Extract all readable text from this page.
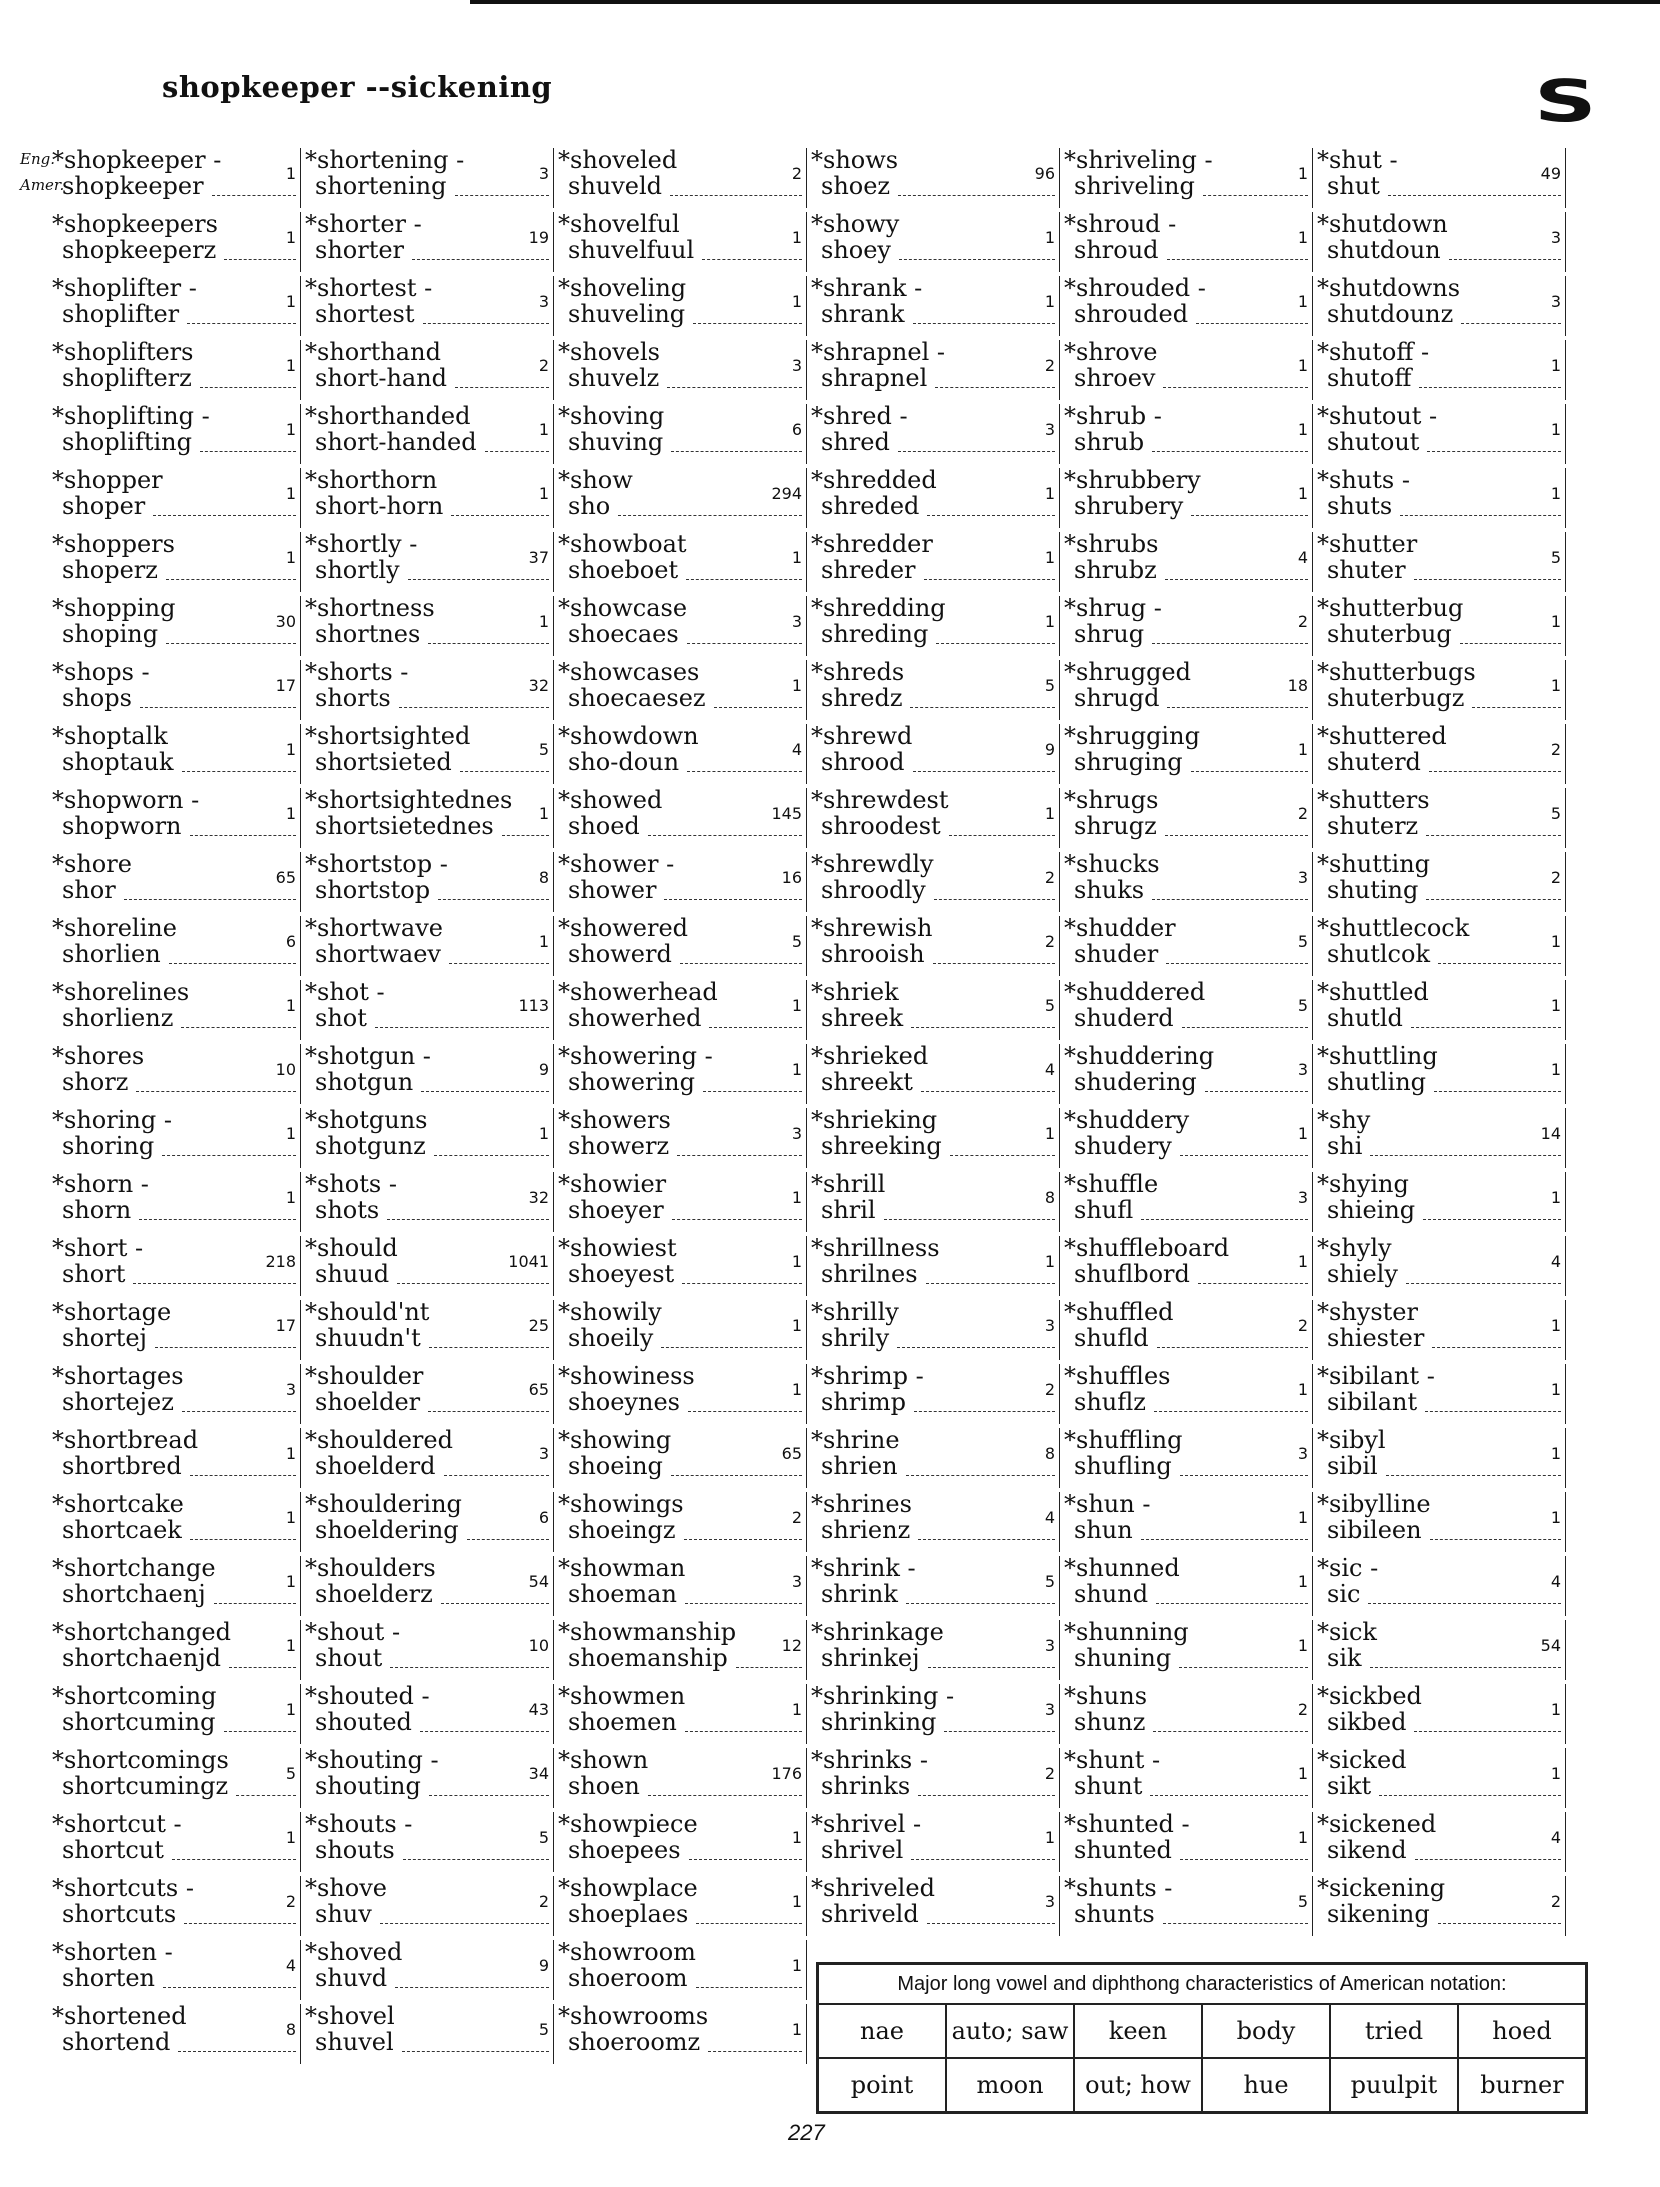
shopkeeper --sickening	S
Eng.
Amer.
*shopkeeper -
shopkeeper	1
*shopkeepers
shopkeeperz	1
*shoplifter -
shoplifter	1
*shoplifters
shoplifterz	1
*shoplifting -
shoplifting	1
*shopper
shoper	1
*shoppers
shoperz	1
*shopping
shoping	30
*shops -
shops	17
*shoptalk
shoptauk	1
*shopworn -
shopworn	1
*shore
shor	65
*shoreline
shorlien	6
*shorelines
shorlienz	1
*shores
shorz	10
*shoring -
shoring	1
*shorn -
shorn	1
*short -
short	218
*shortage
shortej	17
*shortages
shortejez	3
*shortbread
shortbred	1
*shortcake
shortcaek	1
*shortchange
shortchaenj	1
*shortchanged
shortchaenjd	1
*shortcoming
shortcuming	1
*shortcomings
shortcumingz	5
*shortcut -
shortcut	1
*shortcuts -
shortcuts	2
*shorten -
shorten	4
*shortened
shortend	8
*shortening -
shortening	3
*shorter -
shorter	19
*shortest -
shortest	3
*shorthand
short-hand	2
*shorthanded
short-handed	1
*shorthorn
short-horn	1
*shortly -
shortly	37
*shortness
shortnes	1
*shorts -
shorts	32
*shortsighted
shortsieted	5
*shortsightednes
shortsietednes	1
*shortstop -
shortstop	8
*shortwave
shortwaev	1
*shot -
shot	113
*shotgun -
shotgun	9
*shotguns
shotgunz	1
*shots -
shots	32
*should
shuud	1041
*should'nt
shuudn't	25
*shoulder
shoelder	65
*shouldered
shoelderd	3
*shouldering
shoeldering	6
*shoulders
shoelderz	54
*shout -
shout	10
*shouted -
shouted	43
*shouting -
shouting	34
*shouts -
shouts	5
*shove
shuv	2
*shoved
shuvd	9
*shovel
shuvel	5
*shoveled
shuveld	2
*shovelful
shuvelfuul	1
*shoveling
shuveling	1
*shovels
shuvelz	3
*shoving
shuving	6
*show
sho	294
*showboat
shoeboet	1
*showcase
shoecaes	3
*showcases
shoecaesez	1
*showdown
sho-doun	4
*showed
shoed	145
*shower -
shower	16
*showered
showerd	5
*showerhead
showerhed	1
*showering -
showering	1
*showers
showerz	3
*showier
shoeyer	1
*showiest
shoeyest	1
*showily
shoeily	1
*showiness
shoeynes	1
*showing
shoeing	65
*showings
shoeingz	2
*showman
shoeman	3
*showmanship
shoemanship	12
*showmen
shoemen	1
*shown
shoen	176
*showpiece
shoepees	1
*showplace
shoeplaes	1
*showroom
shoeroom	1
*showrooms
shoeroomz	1
*shows
shoez	96
*showy
shoey	1
*shrank -
shrank	1
*shrapnel -
shrapnel	2
*shred -
shred	3
*shredded
shreded	1
*shredder
shreder	1
*shredding
shreding	1
*shreds
shredz	5
*shrewd
shrood	9
*shrewdest
shroodest	1
*shrewdly
shroodly	2
*shrewish
shrooish	2
*shriek
shreek	5
*shrieked
shreekt	4
*shrieking
shreeking	1
*shrill
shril	8
*shrillness
shrilnes	1
*shrilly
shrily	3
*shrimp -
shrimp	2
*shrine
shrien	8
*shrines
shrienz	4
*shrink -
shrink	5
*shrinkage
shrinkej	3
*shrinking -
shrinking	3
*shrinks -
shrinks	2
*shrivel -
shrivel	1
*shriveled
shriveld	3
*shriveling -
shriveling	1
*shroud -
shroud	1
*shrouded -
shrouded	1
*shrove
shroev	1
*shrub -
shrub	1
*shrubbery
shrubery	1
*shrubs
shrubz	4
*shrug -
shrug	2
*shrugged
shrugd	18
*shrugging
shruging	1
*shrugs
shrugz	2
*shucks
shuks	3
*shudder
shuder	5
*shuddered
shuderd	5
*shuddering
shudering	3
*shuddery
shudery	1
*shuffle
shufl	3
*shuffleboard
shuflbord	1
*shuffled
shufld	2
*shuffles
shuflz	1
*shuffling
shufling	3
*shun -
shun	1
*shunned
shund	1
*shunning
shuning	1
*shuns
shunz	2
*shunt -
shunt	1
*shunted -
shunted	1
*shunts -
shunts	5
*shut -
shut	49
*shutdown
shutdoun	3
*shutdowns
shutdounz	3
*shutoff -
shutoff	1
*shutout -
shutout	1
*shuts -
shuts	1
*shutter
shuter	5
*shutterbug
shuterbug	1
*shutterbugs
shuterbugz	1
*shuttered
shuterd	2
*shutters
shuterz	5
*shutting
shuting	2
*shuttlecock
shutlcok	1
*shuttled
shutld	1
*shuttling
shutling	1
*shy
shi	14
*shying
shieing	1
*shyly
shiely	4
*shyster
shiester	1
*sibilant -
sibilant	1
*sibyl
sibil	1
*sibylline
sibileen	1
*sic -
sic	4
*sick
sik	54
*sickbed
sikbed	1
*sicked
sikt	1
*sickened
sikend	4
*sickening
sikening	2
Major long vowel and diphthong characteristics of American notation:
nae	auto; saw	keen	body	tried	hoed
point	moon	out; how	hue	puulpit	burner
227
